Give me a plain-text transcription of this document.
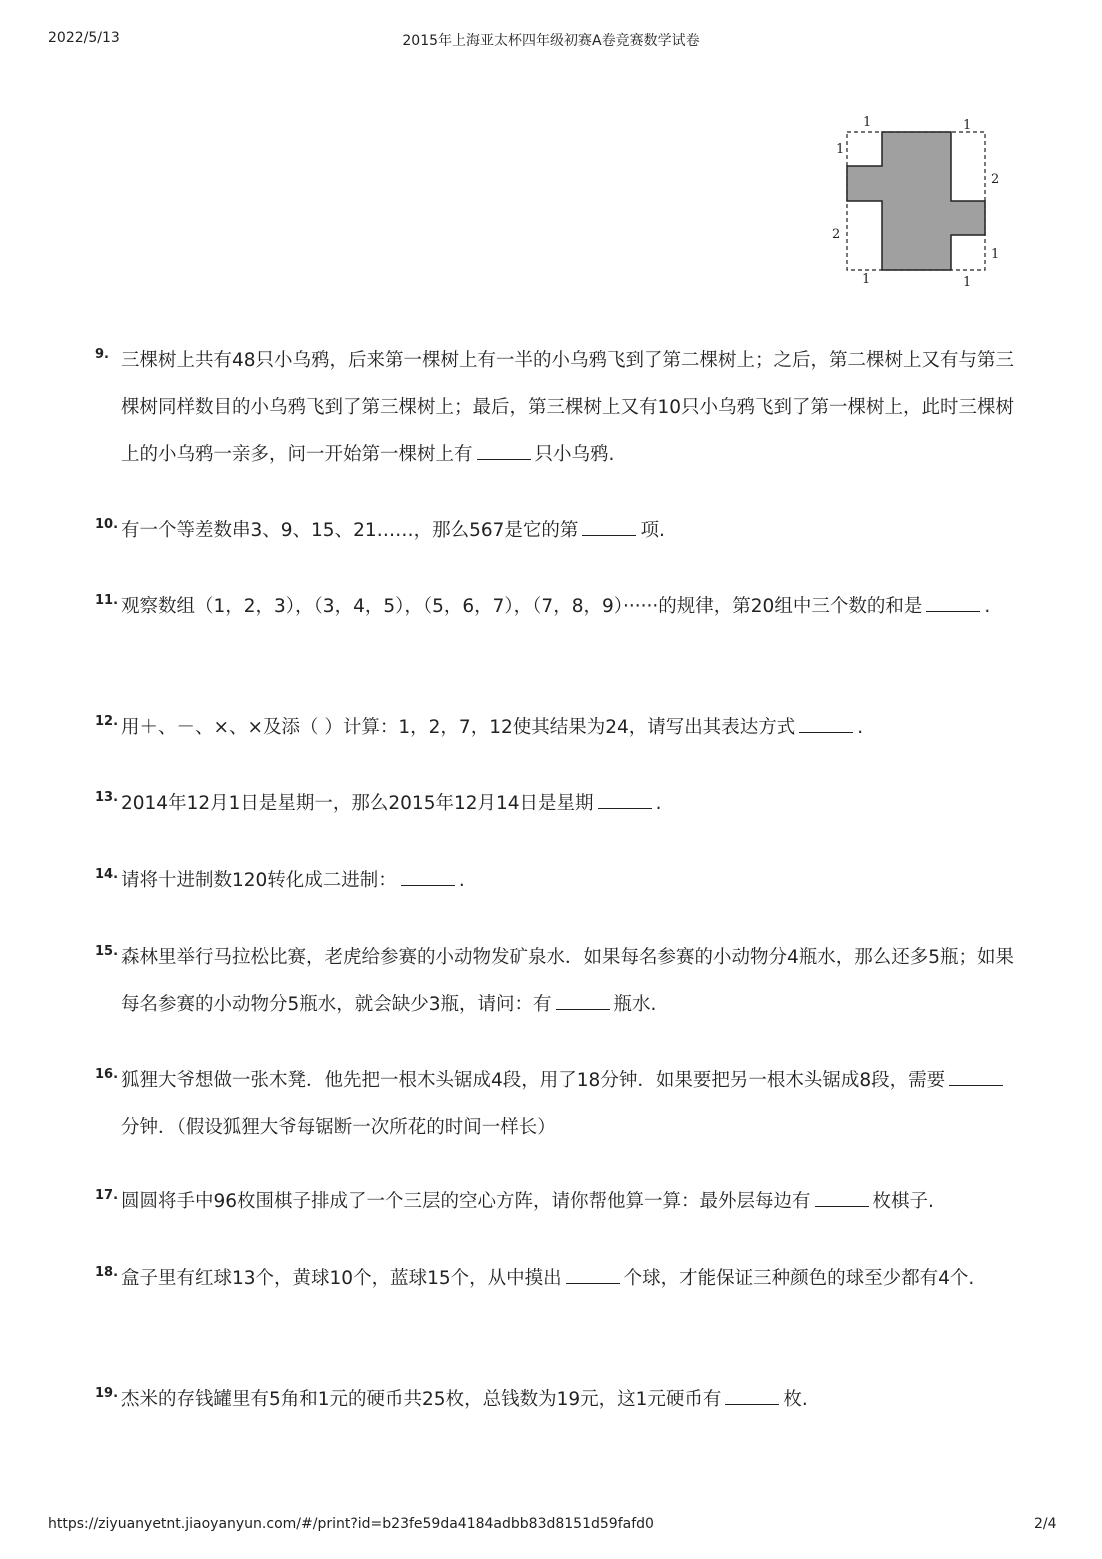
2022/5/13	2015年上海亚太杯四年级初赛A卷竞赛数学试卷
1	1
1
2
2
1
1	1
9. 三棵树上共有48只小乌鸦，后来第一棵树上有一半的小乌鸦飞到了第二棵树上；之后，第二棵树上又有与第三棵树同样数目的小乌鸦飞到了第三棵树上；最后，第三棵树上又有10只小乌鸦飞到了第一棵树上，此时三棵树上的小乌鸦一亲多，问一开始第一棵树上有	只小乌鸦.
10. 有一个等差数串3、9、15、21……，那么567是它的第	项.
11. 观察数组（1，2，3），（3，4，5），（5，6，7），（7，8，9）······的规律，第20组中三个数的和是	.
12. 用＋、－、×、×及添（ ）计算：1，2，7，12使其结果为24，请写出其表达方式	.
13. 2014年12月1日是星期一，那么2015年12月14日是星期	.
14. 请将十进制数120转化成二进制：	.
15. 森林里举行马拉松比赛，老虎给参赛的小动物发矿泉水．如果每名参赛的小动物分4瓶水，那么还多5瓶；如果每名参赛的小动物分5瓶水，就会缺少3瓶，请问：有	瓶水.
16. 狐狸大爷想做一张木凳．他先把一根木头锯成4段，用了18分钟．如果要把另一根木头锯成8段，需要分钟．（假设狐狸大爷每锯断一次所花的时间一样长）
17. 圆圆将手中96枚围棋子排成了一个三层的空心方阵，请你帮他算一算：最外层每边有	枚棋子.
18. 盒子里有红球13个，黄球10个，蓝球15个，从中摸出	个球，才能保证三种颜色的球至少都有4个.
19. 杰米的存钱罐里有5角和1元的硬币共25枚，总钱数为19元，这1元硬币有	枚.
https://ziyuanyetnt.jiaoyanyun.com/#/print?id=b23fe59da4184adbb83d8151d59fafd0	2/4
